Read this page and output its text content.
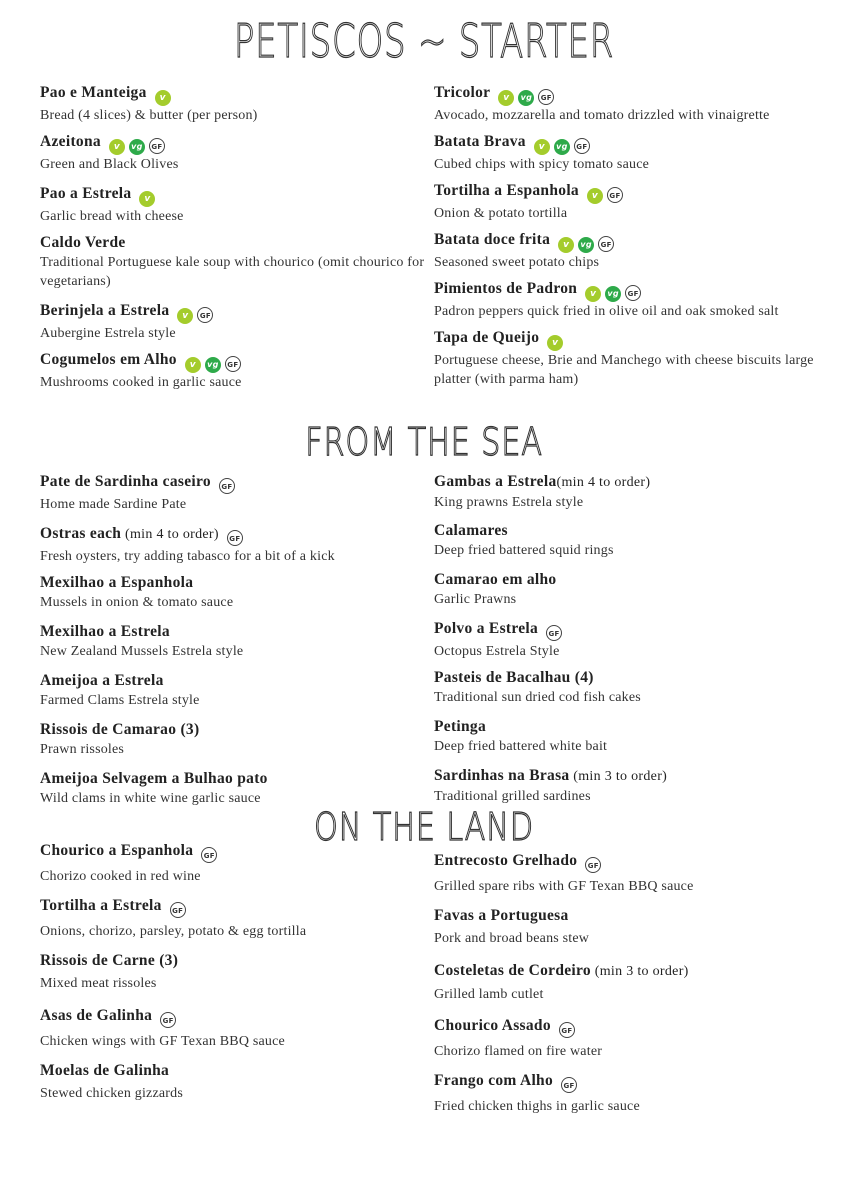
PETISCOS ~ STARTER
FROM THE SEA
ON THE LAND
Pao e Manteiga v
Bread (4 slices) & butter (per person)
Azeitona v vg GF
Green and Black Olives
Pao a Estrela v
Garlic bread with cheese
Caldo Verde
Traditional Portuguese kale soup with chourico (omit chourico for vegetarians)
Berinjela a Estrela v GF
Aubergine Estrela style
Cogumelos em Alho v vg GF
Mushrooms cooked in garlic sauce
Tricolor v vg GF
Avocado, mozzarella and tomato drizzled with vinaigrette
Batata Brava v vg GF
Cubed chips with spicy tomato sauce
Tortilha a Espanhola v GF
Onion & potato tortilla
Batata doce frita v vg GF
Seasoned sweet potato chips
Pimientos de Padron v vg GF
Padron peppers quick fried in olive oil and oak smoked salt
Tapa de Queijo v
Portuguese cheese, Brie and Manchego with cheese biscuits large platter (with parma ham)
Pate de Sardinha caseiro GF
Home made Sardine Pate
Ostras each (min 4 to order) GF
Fresh oysters, try adding tabasco for a bit of a kick
Mexilhao a Espanhola
Mussels in onion & tomato sauce
Mexilhao a Estrela
New Zealand Mussels Estrela style
Ameijoa a Estrela
Farmed Clams Estrela style
Rissois de Camarao (3)
Prawn rissoles
Ameijoa Selvagem a Bulhao pato
Wild clams in white wine garlic sauce
Gambas a Estrela(min 4 to order)
King prawns Estrela style
Calamares
Deep fried battered squid rings
Camarao em alho
Garlic Prawns
Polvo a Estrela GF
Octopus Estrela Style
Pasteis de Bacalhau (4)
Traditional sun dried cod fish cakes
Petinga
Deep fried battered white bait
Sardinhas na Brasa (min 3 to order)
Traditional grilled sardines
Chourico a Espanhola GF
Chorizo cooked in red wine
Tortilha a Estrela GF
Onions, chorizo, parsley, potato & egg tortilla
Rissois de Carne (3)
Mixed meat rissoles
Asas de Galinha GF
Chicken wings with GF Texan BBQ sauce
Moelas de Galinha
Stewed chicken gizzards
Entrecosto Grelhado GF
Grilled spare ribs with GF Texan BBQ sauce
Favas a Portuguesa
Pork and broad beans stew
Costeletas de Cordeiro (min 3 to order)
Grilled lamb cutlet
Chourico Assado GF
Chorizo flamed on fire water
Frango com Alho GF
Fried chicken thighs in garlic sauce
